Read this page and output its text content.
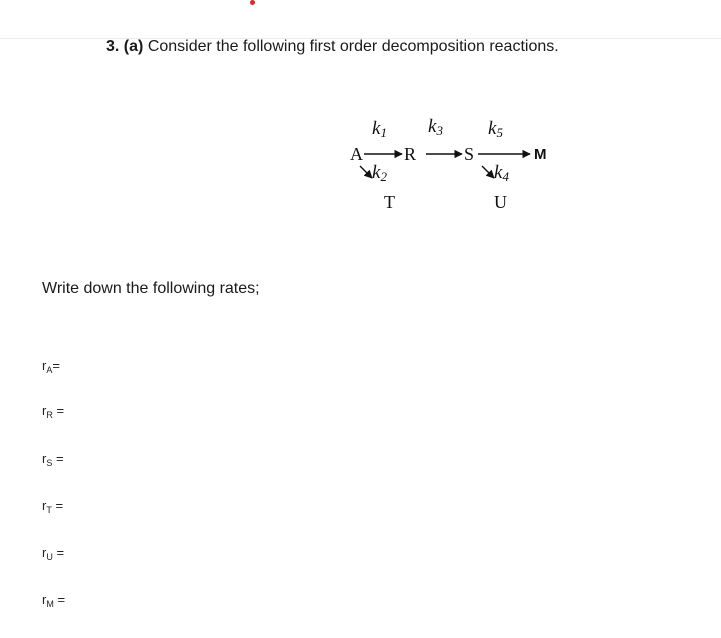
3. (a) Consider the following first order decomposition reactions.
k1 k3 k5
k2	k4
A R	S	M
T	U
Write down the following rates;
$r_A=$
$r_R$ =
$r_S$ =
$r_T$ =
$r_U$ =
$r_M$ =
